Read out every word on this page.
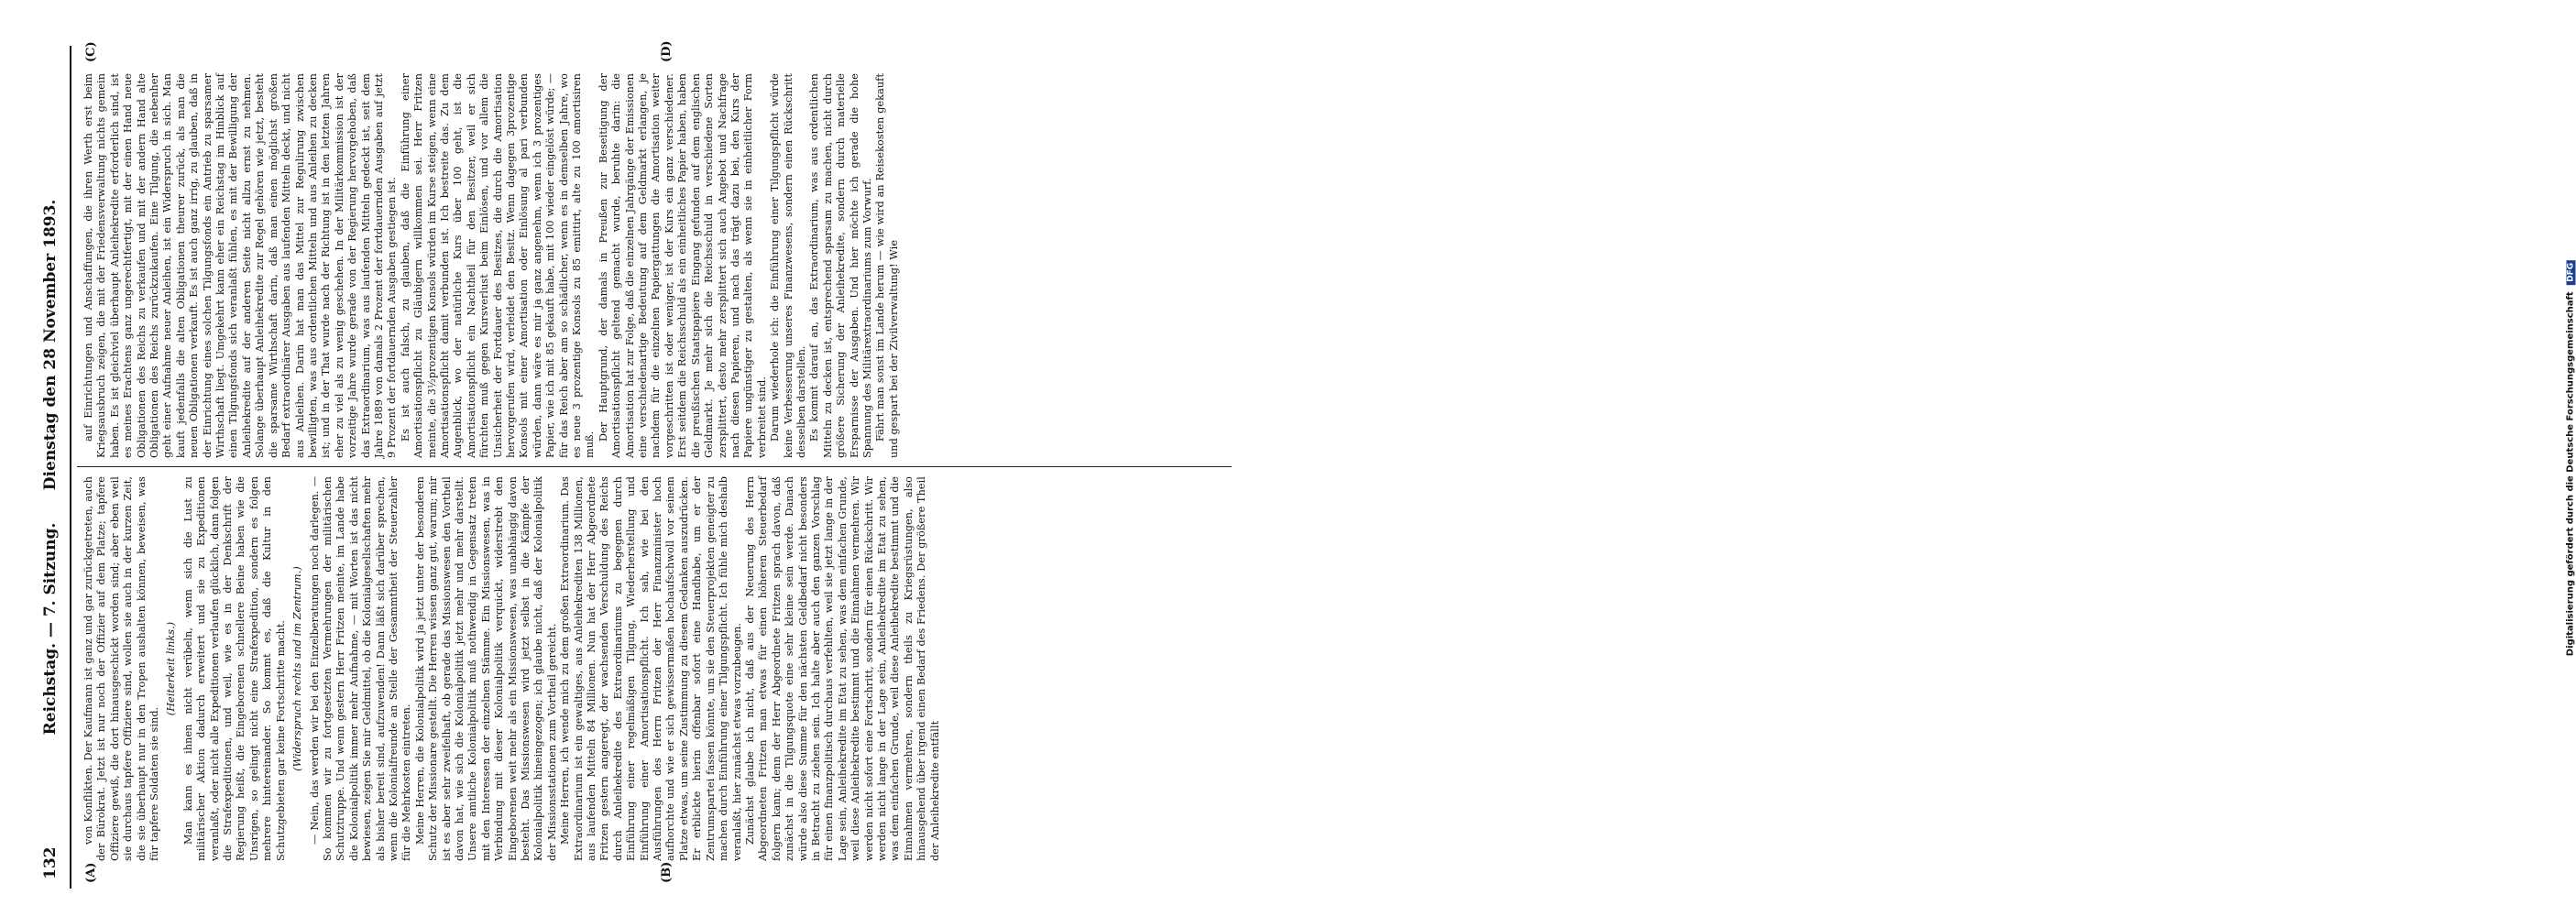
132
Reichstag. — 7. Sitzung.      Dienstag den 28 November 1893.
(A)	(B)
(C)	(D)

von Konflikten. Der Kaufmann ist ganz und gar zurückgetreten, auch der Bürokrat. Jetzt ist nur noch der Offizier auf dem Platze; tapfere Offiziere gewiß, die dort hinausgeschickt worden sind; aber eben weil sie durchaus tapfere Offiziere sind, wollen sie auch in der kurzen Zeit, die sie überhaupt nur in den Tropen aushalten können, beweisen, was für tapfere Soldaten sie sind.

(Heiterkeit links.) Man kann es ihnen nicht verübeln, wenn sich die Lust zu militärischer Aktion dadurch erweitert und sie zu Expeditionen veranlaßt, oder nicht alle Expeditionen verlaufen glücklich, dann folgen die Strafexpeditionen, und weil, wie es in der Denkschrift der Regierung heißt, die Eingeborenen schnellere Beine haben wie die Unsrigen, so gelingt nicht eine Strafexpedition, sondern es folgen mehrere hintereinander. So kommt es, daß die Kultur in den Schutzgebieten gar keine Fortschritte macht. (Widerspruch rechts und im Zentrum.) — Nein, das werden wir bei den Einzelberatungen noch darlegen. — So kommen wir zu fortgesetzten Vermehrungen der militärischen Schutztruppe. Und wenn gestern Herr Fritzen meinte, im Lande habe die Kolonialpolitik immer mehr Aufnahme, — mit Worten ist das nicht bewiesen, zeigen Sie mir Geldmittel, ob die Kolonialgesellschaften mehr als bisher bereit sind, aufzuwenden! Dann läßt sich darüber sprechen, wenn die Kolonialfreunde an Stelle der Gesammtheit der Steuerzahler für die Mehrkosten eintreten. Meine Herren, die Kolonialpolitik wird ja jetzt unter der besonderen Schutz der Missionare gestellt. Die Herren wissen ganz gut, warum; mir ist es aber sehr zweifelhaft, ob gerade das Missionswesen den Vortheil davon hat, wie sich die Kolonialpolitik jetzt mehr und mehr darstellt. Unsere amtliche Kolonialpolitik muß nothwendig in Gegensatz treten mit den Interessen der einzelnen Stämme. Ein Missionswesen, was in Verbindung mit dieser Kolonialpolitik verquickt, widerstrebt den Eingeborenen weit mehr als ein Missionswesen, was unabhängig davon besteht. Das Missionswesen wird jetzt selbst in die Kämpfe der Kolonialpolitik hineingezogen; ich glaube nicht, daß der Kolonialpolitik der Missionsstationen zum Vortheil gereicht. Meine Herren, ich wende mich zu dem großen Extraordinarium. Das Extraordinarium ist ein gewaltiges, aus Anleihekrediten 138 Millionen, aus laufenden Mitteln 84 Millionen. Nun hat der Herr Abgeordnete Fritzen gestern angeregt, der wachsenden Verschuldung des Reichs durch Anleihekredite des Extraordinariums zu begegnen durch Einführung einer regelmäßigen Tilgung, Wiederherstellung und Einführung einer Amortisationspflicht. Ich sah, wie bei den Ausführungen des Herrn Fritzen der Herr Finanzminister hoch aufhorchte und wie er sich gewissermaßen hochaufschwoll vor seinem Platze etwas, um seine Zustimmung zu diesem Gedanken auszudrücken. Er erblickte hierin offenbar sofort eine Handhabe, um er der Zentrumspartei fassen könnte, um sie den Steuerprojekten geneigter zu machen durch Einführung einer Tilgungspflicht. Ich fühle mich deshalb veranlaßt, hier zunächst etwas vorzubeugen. Zunächst glaube ich nicht, daß aus der Neuerung des Herrn Abgeordneten Fritzen man etwas für einen höheren Steuerbedarf folgern kann; denn der Herr Abgeordnete Fritzen sprach davon, daß zunächst in die Tilgungsquote eine sehr kleine sein werde. Danach würde also diese Summe für den nächsten Geldbedarf nicht besonders in Betracht zu ziehen sein. Ich halte aber auch den ganzen Vorschlag für einen finanzpolitisch durchaus verfehlten, weil sie jetzt lange in der Lage sein, Anleihekredite im Etat zu sehen, was dem einfachen Grunde, weil diese Anleihekredite bestimmt und die Einnahmen vermehren. Wir werden nicht sofort eine Fortschritt, sondern für einen Rückschritt. Wir werden nicht lange in der Lage sein, Anleihekredite im Etat zu sehen, was dem einfachen Grunde, weil diese Anleihekredite bestimmt und die Einnahmen vermehren, sondern theils zu Kriegsrüstungen, also hinausgehend über irgend einen Bedarf des Friedens. Der größere Theil der Anleihekredite entfällt

auf Einrichtungen und Anschaffungen, die ihren Werth erst beim Kriegsausbruch zeigen, die mit der Friedensverwaltung nichts gemein haben. Es ist gleichviel überhaupt Anleihekredite erforderlich sind, ist es meines Erachtens ganz ungerechtfertigt, mit der einen Hand neue Obligationen des Reichs zu verkaufen und mit der andern Hand alte Obligationen des Reichs zurückzukaufen. Eine Tilgung, die nebenher geht einer Aufnahme neuer Anleihen, ist ein Widerspruch in sich. Man kauft jedenfalls die alten Obligationen theurer zurück, als man die neuen Obligationen verkauft. Es ist auch ganz irrig, zu glauben, daß in der Einrichtung eines solchen Tilgungsfonds ein Antrieb zu sparsamer Wirthschaft liegt. Umgekehrt kann eher ein Reichstag im Hinblick auf einen Tilgungsfonds sich veranlaßt fühlen, es mit der Bewilligung der Anleihekredite auf der anderen Seite nicht allzu ernst zu nehmen. Solange überhaupt Anleihekredite zur Regel gehören wie jetzt, besteht die sparsame Wirthschaft darin, daß man einen möglichst großen Bedarf extraordinärer Ausgaben aus laufenden Mitteln deckt, und nicht aus Anleihen. Darin hat man das Mittel zur Regulirung zwischen bewilligten, was aus ordentlichen Mitteln und aus Anleihen zu decken ist; und in der That wurde nach der Richtung ist in den letzten Jahren eher zu viel als zu wenig geschehen. In der Militärkommission ist der vorzeitige Jahre wurde gerade von der Regierung hervorgehoben, daß das Extraordinarium, was aus laufenden Mitteln gedeckt ist, seit dem Jahre 1889 von damals 2 Prozent der fortdauernden Ausgaben auf jetzt 9 Prozent der fortdauernden Ausgaben gestiegen ist. Es ist auch falsch, zu glauben, daß die Einführung einer Amortisationspflicht zu Gläubigern willkommen sei. Herr Fritzen meinte, die 3½prozentigen Konsols würden im Kurse steigen, wenn eine Amortisationspflicht damit verbunden ist. Ich bestreite das. Zu dem Augenblick, wo der natürliche Kurs über 100 geht, ist die Amortisationspflicht ein Nachtheil für den Besitzer, weil er sich fürchten muß gegen Kursverlust beim Einlösen, und vor allem die Unsicherheit der Fortdauer des Besitzes, die durch die Amortisation hervorgerufen wird, verleidet den Besitz. Wenn dagegen 3prozentige Konsols mit einer Amortisation oder Einlösung al pari verbunden würden, dann wäre es mir ja ganz angenehm, wenn ich 3 prozentiges Papier, wie ich mit 85 gekauft habe, mit 100 wieder eingelöst würde; — für das Reich aber am so schädlicher, wenn es in demselben Jahre, wo es neue 3 prozentige Konsols zu 85 emittirt, alte zu 100 amortisiren muß.

Der Hauptgrund, der damals in Preußen zur Beseitigung der Amortisationspflicht geltend gemacht wurde, beruhte darin: die Amortisation hat zur Folge, daß die einzelnen Jahrgänge der Emissionen eine verschiedenartige Bedeutung auf dem Geldmarkt erlangen, je nachdem für die einzelnen Papiergattungen die Amortisation weiter vorgeschritten ist oder weniger, ist der Kurs ein ganz verschiedener. Erst seitdem die Reichsschuld als ein einheitliches Papier haben, haben die preußischen Staatspapiere Eingang gefunden auf dem englischen Geldmarkt. Je mehr sich die Reichsschuld in verschiedene Sorten zersplittert, desto mehr zersplittert sich auch Angebot und Nachfrage nach diesen Papieren, und nach das trägt dazu bei, den Kurs der Papiere ungünstiger zu gestalten, als wenn sie in einheitlicher Form verbreitet sind. Darum wiederhole ich: die Einführung einer Tilgungspflicht würde keine Verbesserung unseres Finanzwesens, sondern einen Rückschritt desselben darstellen. Es kommt darauf an, das Extraordinarium, was aus ordentlichen Mitteln zu decken ist, entsprechend sparsam zu machen, nicht durch größere Sicherung der Anleihekredite, sondern durch materielle Ersparnisse der Ausgaben. Und hier möchte ich gerade die hohe Spannung des Militärextraordinariums zum Vorwurf. Fährt man sonst im Lande herum — wie wird an Reisekosten gekauft und gespart bei der Zivilverwaltung! Wie	Digitalisierung gefördert durch die Deutsche Forschungsgemeinschaft DFG
